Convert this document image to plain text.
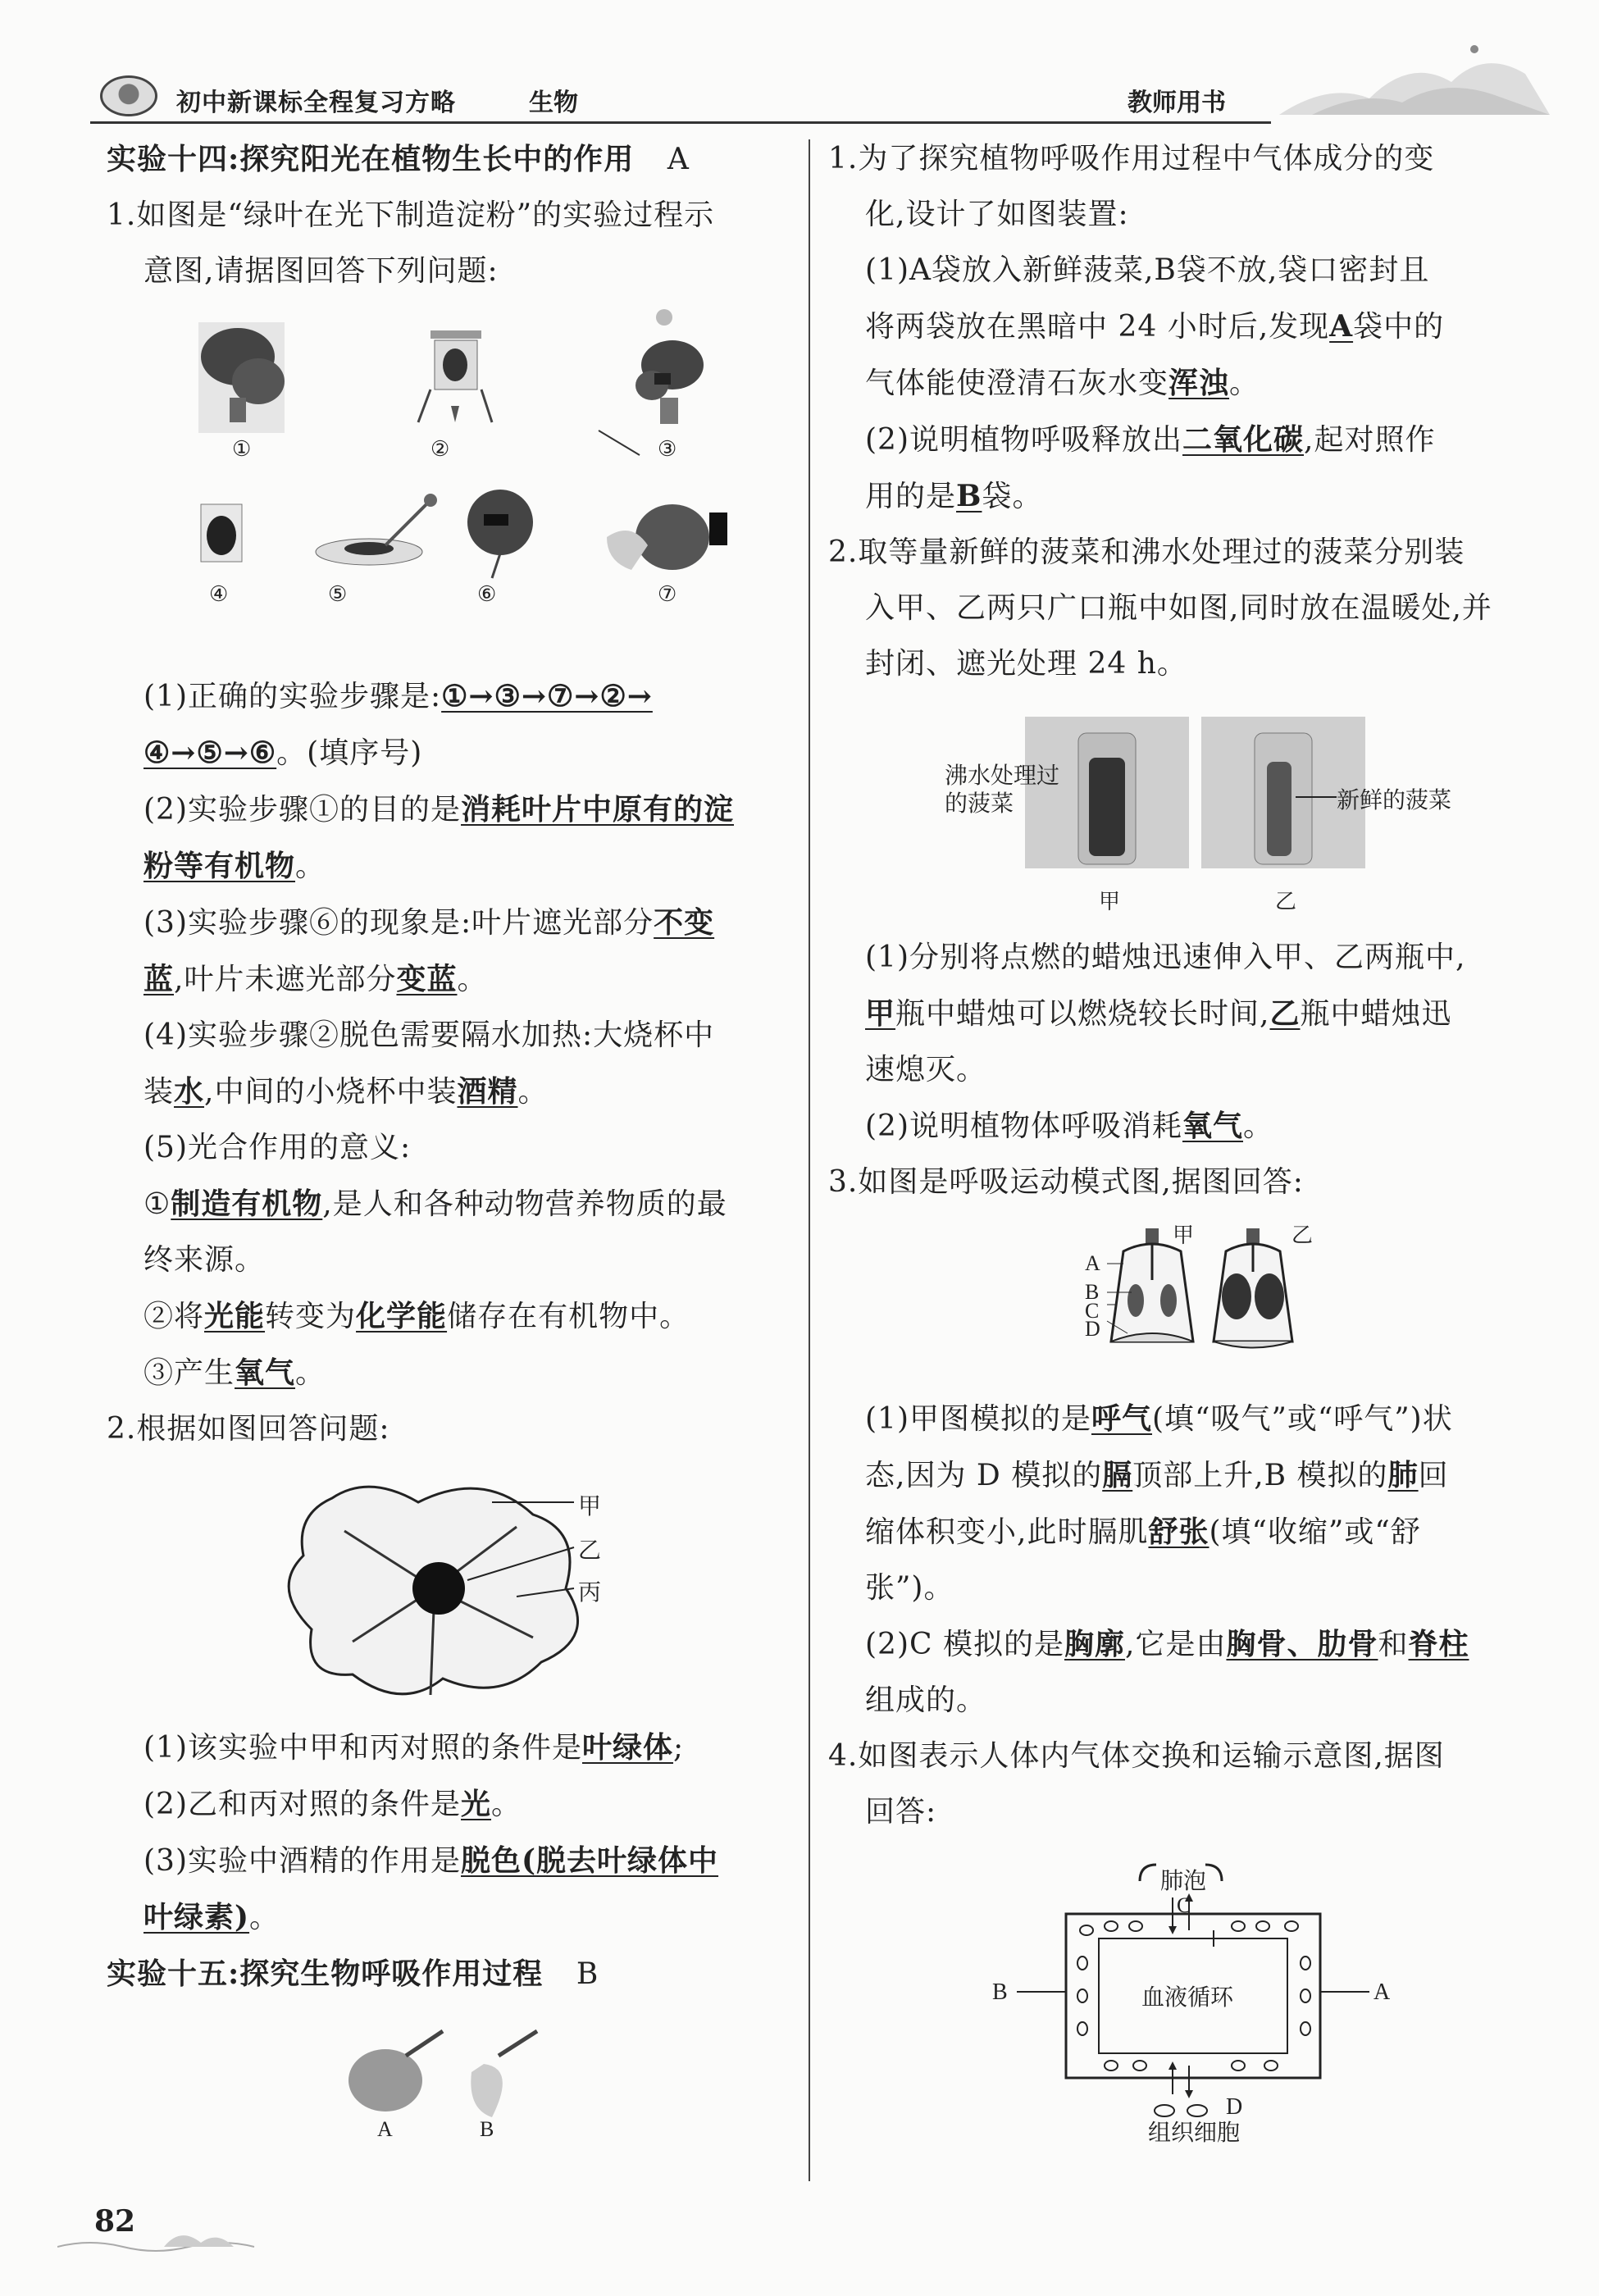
初中新课标全程复习方略	生物	教师用书

实验十四:探究阳光在植物生长中的作用 A

1.如图是“绿叶在光下制造淀粉”的实验过程示

意图,请据图回答下列问题:

①	②	③
④	⑤	⑥	⑦

(1)正确的实验步骤是:①→③→⑦→②→

④→⑤→⑥。(填序号)

(2)实验步骤①的目的是消耗叶片中原有的淀

粉等有机物。

(3)实验步骤⑥的现象是:叶片遮光部分不变

蓝,叶片未遮光部分变蓝。

(4)实验步骤②脱色需要隔水加热:大烧杯中

装水,中间的小烧杯中装酒精。

(5)光合作用的意义:

①制造有机物,是人和各种动物营养物质的最

终来源。

②将光能转变为化学能储存在有机物中。

③产生氧气。

2.根据如图回答问题:

甲
乙
丙

(1)该实验中甲和丙对照的条件是叶绿体;

(2)乙和丙对照的条件是光。

(3)实验中酒精的作用是脱色(脱去叶绿体中

叶绿素)。

实验十五:探究生物呼吸作用过程 B

A	B

1.为了探究植物呼吸作用过程中气体成分的变

化,设计了如图装置:

(1)A袋放入新鲜菠菜,B袋不放,袋口密封且

将两袋放在黑暗中 24 小时后,发现A袋中的

气体能使澄清石灰水变浑浊。

(2)说明植物呼吸释放出二氧化碳,起对照作

用的是B袋。

2.取等量新鲜的菠菜和沸水处理过的菠菜分别装

入甲、乙两只广口瓶中如图,同时放在温暖处,并

封闭、遮光处理 24 h。

沸水处理过
的菠菜	新鲜的菠菜
甲	乙

(1)分别将点燃的蜡烛迅速伸入甲、乙两瓶中,

甲瓶中蜡烛可以燃烧较长时间,乙瓶中蜡烛迅

速熄灭。

(2)说明植物体呼吸消耗氧气。

3.如图是呼吸运动模式图,据图回答:

甲	乙
A
B
C
D

(1)甲图模拟的是呼气(填“吸气”或“呼气”)状

态,因为 D 模拟的膈顶部上升,B 模拟的肺回

缩体积变小,此时膈肌舒张(填“收缩”或“舒

张”)。

(2)C 模拟的是胸廓,它是由胸骨、肋骨和脊柱

组成的。

4.如图表示人体内气体交换和运输示意图,据图

回答:

肺泡
C
血液循环
B	A
D
组织细胞
82
